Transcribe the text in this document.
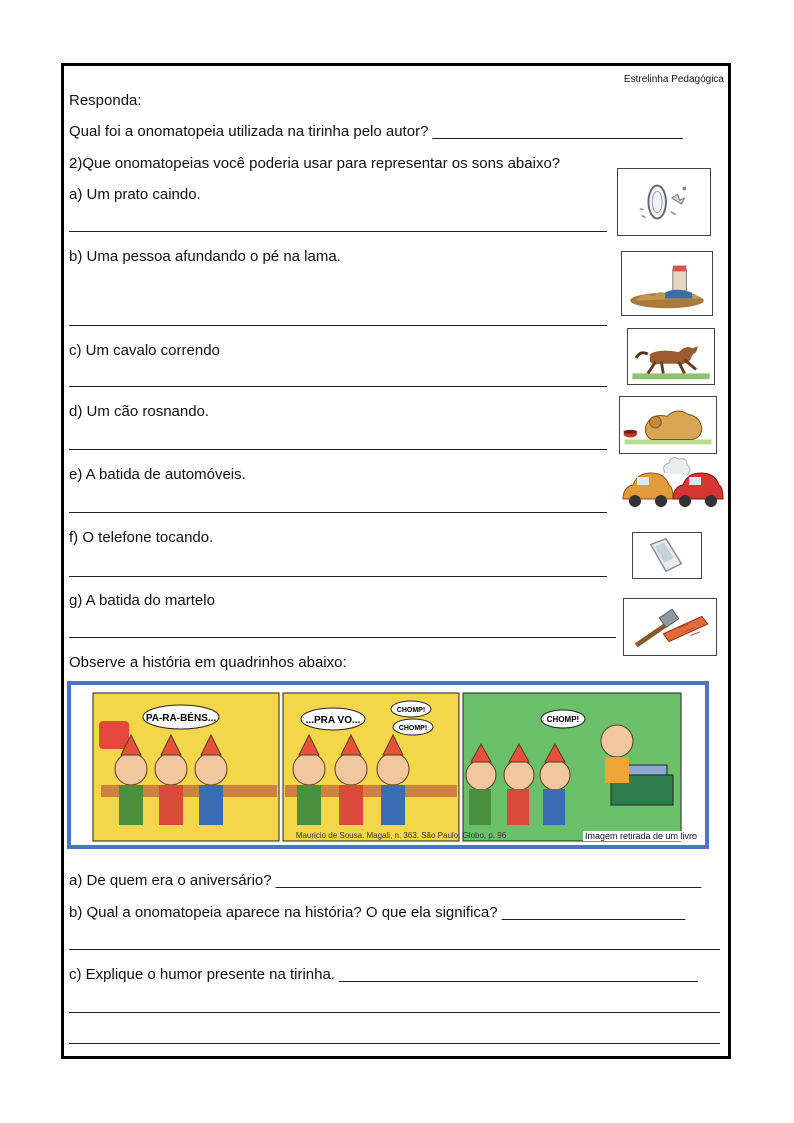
Estrelinha Pedagógica
Responda:
Qual foi a onomatopeia utilizada na tirinha pelo autor? ______________________________
2)Que onomatopeias você poderia usar para representar os sons abaixo?
a) Um prato caindo.
b) Uma pessoa afundando o pé na lama.
c) Um cavalo correndo
d) Um cão rosnando.
e) A batida de automóveis.
f) O telefone tocando.
g) A batida do martelo
Observe a história em quadrinhos abaixo:
PA-RA-BÉNS...	...PRA VO...
CHOMP!
CHOMP!
CHOMP!
Mauricio de Sousa. Magali, n. 363. São Paulo: Globo, p. 96	Imagem retirada de um livro
a) De quem era o aniversário? ___________________________________________________
b) Qual a onomatopeia aparece na história? O que ela significa? ______________________
c) Explique o humor presente na tirinha. ___________________________________________
